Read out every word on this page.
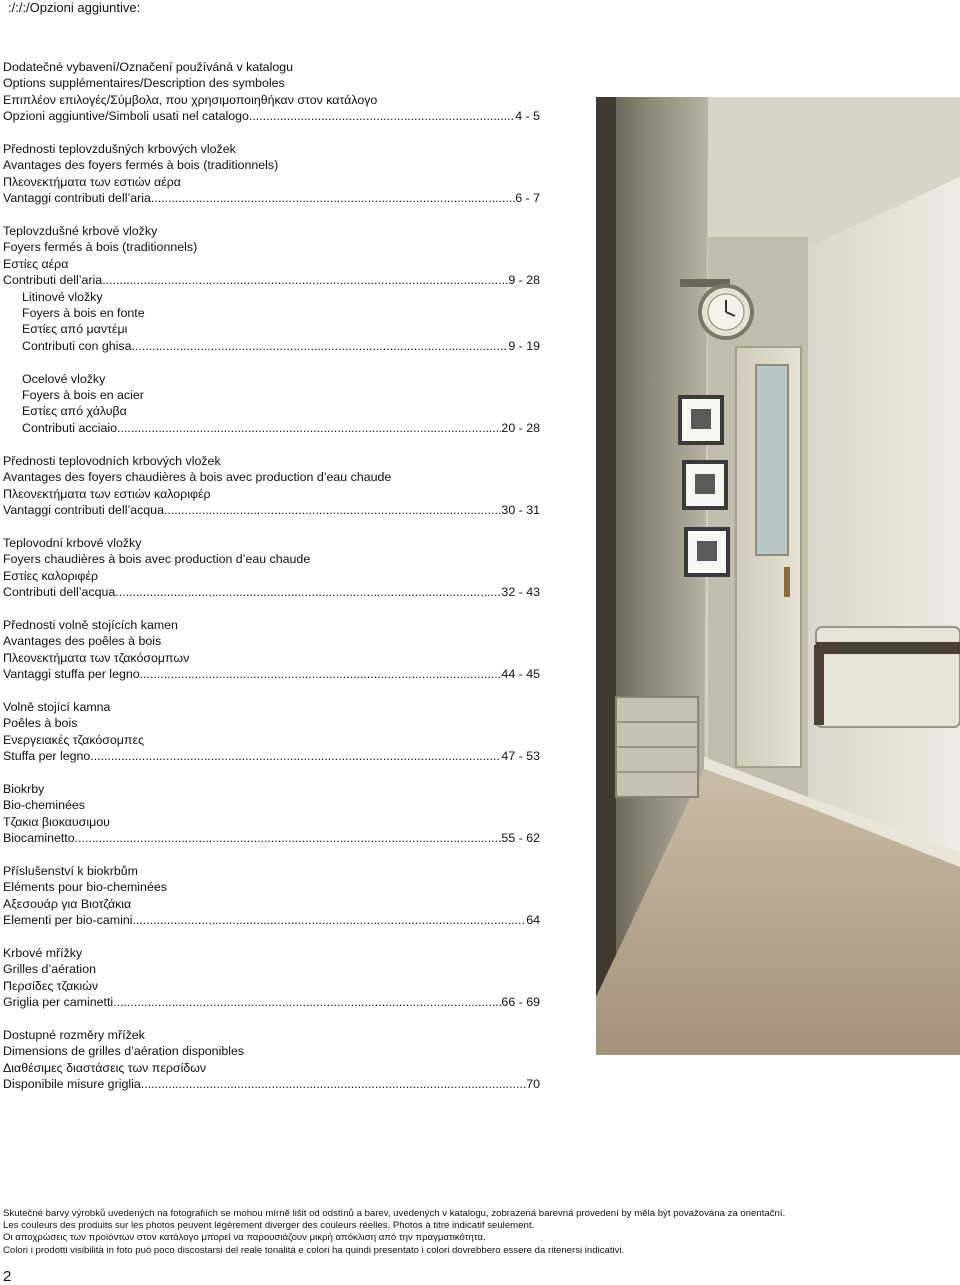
:/:/:/Opzioni aggiuntive:
Dodatečné vybavení/Označení používáná v katalogu
Options supplémentaires/Description des symboles
Επιπλέον επιλογές/Σύμβολα, που χρησιμοποιηθήκαν στον κατάλογο
Opzioni aggiuntive/Simboli usati nel catalogo .....	4 - 5
Přednosti teplovzdušných krbových vložek
Avantages des foyers fermés à bois (traditionnels)
Πλεονεκτήματα των εστιών αέρα
Vantaggi contributi dell’aria .....	6 - 7
Teplovzdušné krbové vložky
Foyers fermés à bois (traditionnels)
Εστίες αέρα
Contributi dell’aria .....	9 - 28
Litinové vložky
Foyers à bois en fonte
Εστίες από μαντέμι
Contributi con ghisa .....	9 - 19
Ocelové vložky
Foyers à bois en acier
Εστίες από χάλυβα
Contributi acciaio .....	20 - 28
Přednosti teplovodních krbových vložek
Avantages des foyers chaudières à bois avec production d’eau chaude
Πλεονεκτήματα των εστιών καλοριφέρ
Vantaggi contributi dell’acqua .....	30 - 31
Teplovodní krbové vložky
Foyers chaudières à bois avec production d’eau chaude
Εστίες καλοριφέρ
Contributi dell’acqua .....	32 - 43
Přednosti volně stojících kamen
Avantages des poêles à bois
Πλεονεκτήματα των τζακόσομπων
Vantaggi stuffa per legno .....	44 - 45
Volně stojící kamna
Poêles à bois
Ενεργειακές τζακόσομπες
Stuffa per legno .....	47 - 53
Biokrby
Bio-cheminées
Τζακια βιοκαυσιμου
Biocaminetto .....	55 - 62
Příslušenství k biokrbům
Eléments pour bio-cheminées
Αξεσουάρ για Βιοτζάκια
Elementi per bio-camini. .....	64
Krbové mřížky
Grilles d’aération
Περσίδες τζακιών
Griglia per caminetti. .....	66 - 69
Dostupné rozměry mřížek
Dimensions de grilles d’aération disponibles
Διαθέσιμες διαστάσεις των περσίδων
Disponibile misure griglia. .....	70
Skutečné barvy výrobků uvedených na fotografiích se mohou mírně lišit od odstínů a barev, uvedených v katalogu, zobrazená barevná provedení by měla být považována za orientační.
Les couleurs des produits sur les photos peuvent légèrement diverger des couleurs réelles. Photos à titre indicatif seulement.
Οι αποχρώσεις των προϊόντων στον κατάλογο μπορεί να παρουσιάζουν μικρή απόκλιση από την πραγματικότητα.
Colori i prodotti visibilità in foto può poco discostarsi del reale tonalità e colori ha quindi presentato i colori dovrebbero essere da ritenersi indicativi.
2
